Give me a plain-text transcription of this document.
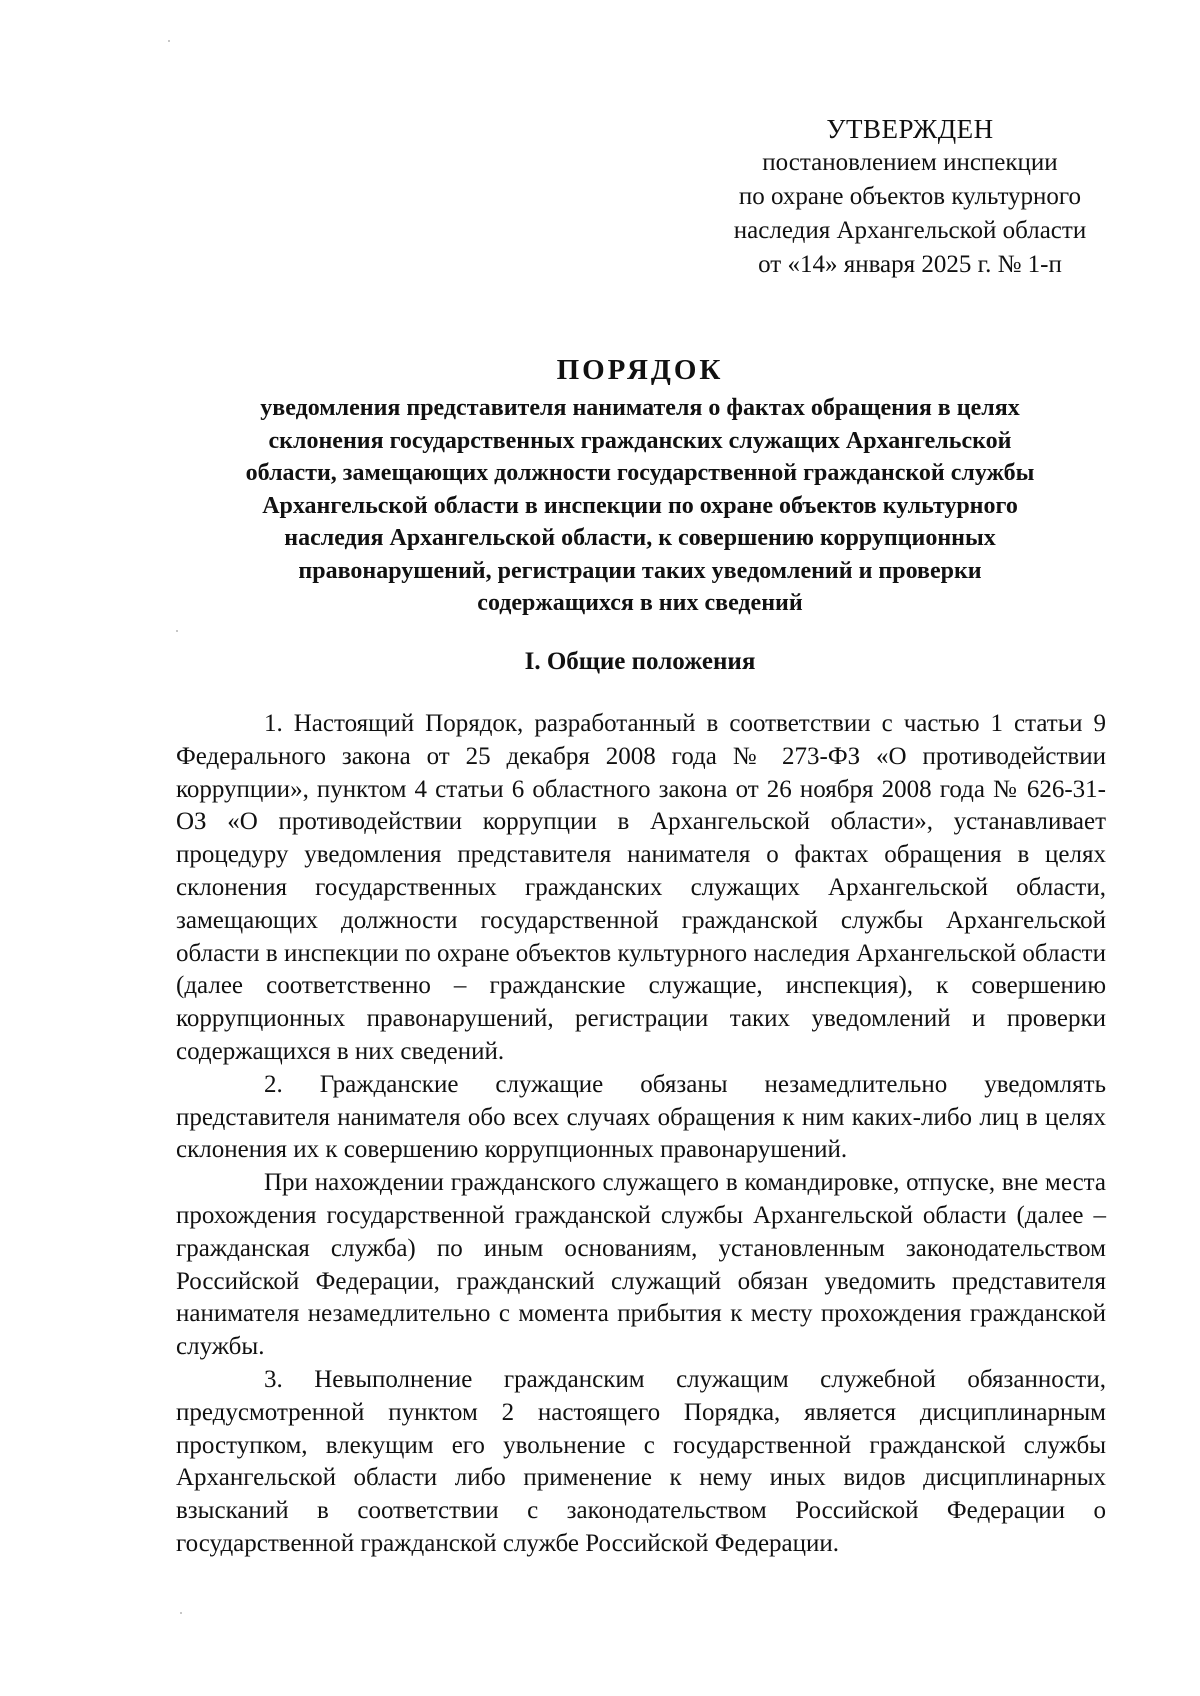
УТВЕРЖДЕН
постановлением инспекции
по охране объектов культурного
наследия Архангельской области
от «14» января 2025 г. № 1-п
ПОРЯДОК
уведомления представителя нанимателя о фактах обращения в целях
склонения государственных гражданских служащих Архангельской
области, замещающих должности государственной гражданской службы
Архангельской области в инспекции по охране объектов культурного
наследия Архангельской области, к совершению коррупционных
правонарушений, регистрации таких уведомлений и проверки
содержащихся в них сведений
I. Общие положения

1. Настоящий Порядок, разработанный в соответствии с частью 1 статьи 9 Федерального закона от 25 декабря 2008 года № 273-ФЗ «О противодействии коррупции», пунктом 4 статьи 6 областного закона от 26 ноября 2008 года № 626-31-ОЗ «О противодействии коррупции в Архангельской области», устанавливает процедуру уведомления представителя нанимателя о фактах обращения в целях склонения государственных гражданских служащих Архангельской области, замещающих должности государственной гражданской службы Архангельской области в инспекции по охране объектов культурного наследия Архангельской области (далее соответственно – гражданские служащие, инспекция), к совершению коррупционных правонарушений, регистрации таких уведомлений и проверки содержащихся в них сведений.

2. Гражданские служащие обязаны незамедлительно уведомлять представителя нанимателя обо всех случаях обращения к ним каких-либо лиц в целях склонения их к совершению коррупционных правонарушений.

При нахождении гражданского служащего в командировке, отпуске, вне места прохождения государственной гражданской службы Архангельской области (далее – гражданская служба) по иным основаниям, установленным законодательством Российской Федерации, гражданский служащий обязан уведомить представителя нанимателя незамедлительно с момента прибытия к месту прохождения гражданской службы.

3. Невыполнение гражданским служащим служебной обязанности, предусмотренной пунктом 2 настоящего Порядка, является дисциплинарным проступком, влекущим его увольнение с государственной гражданской службы Архангельской области либо применение к нему иных видов дисциплинарных взысканий в соответствии с законодательством Российской Федерации о государственной гражданской службе Российской Федерации.
